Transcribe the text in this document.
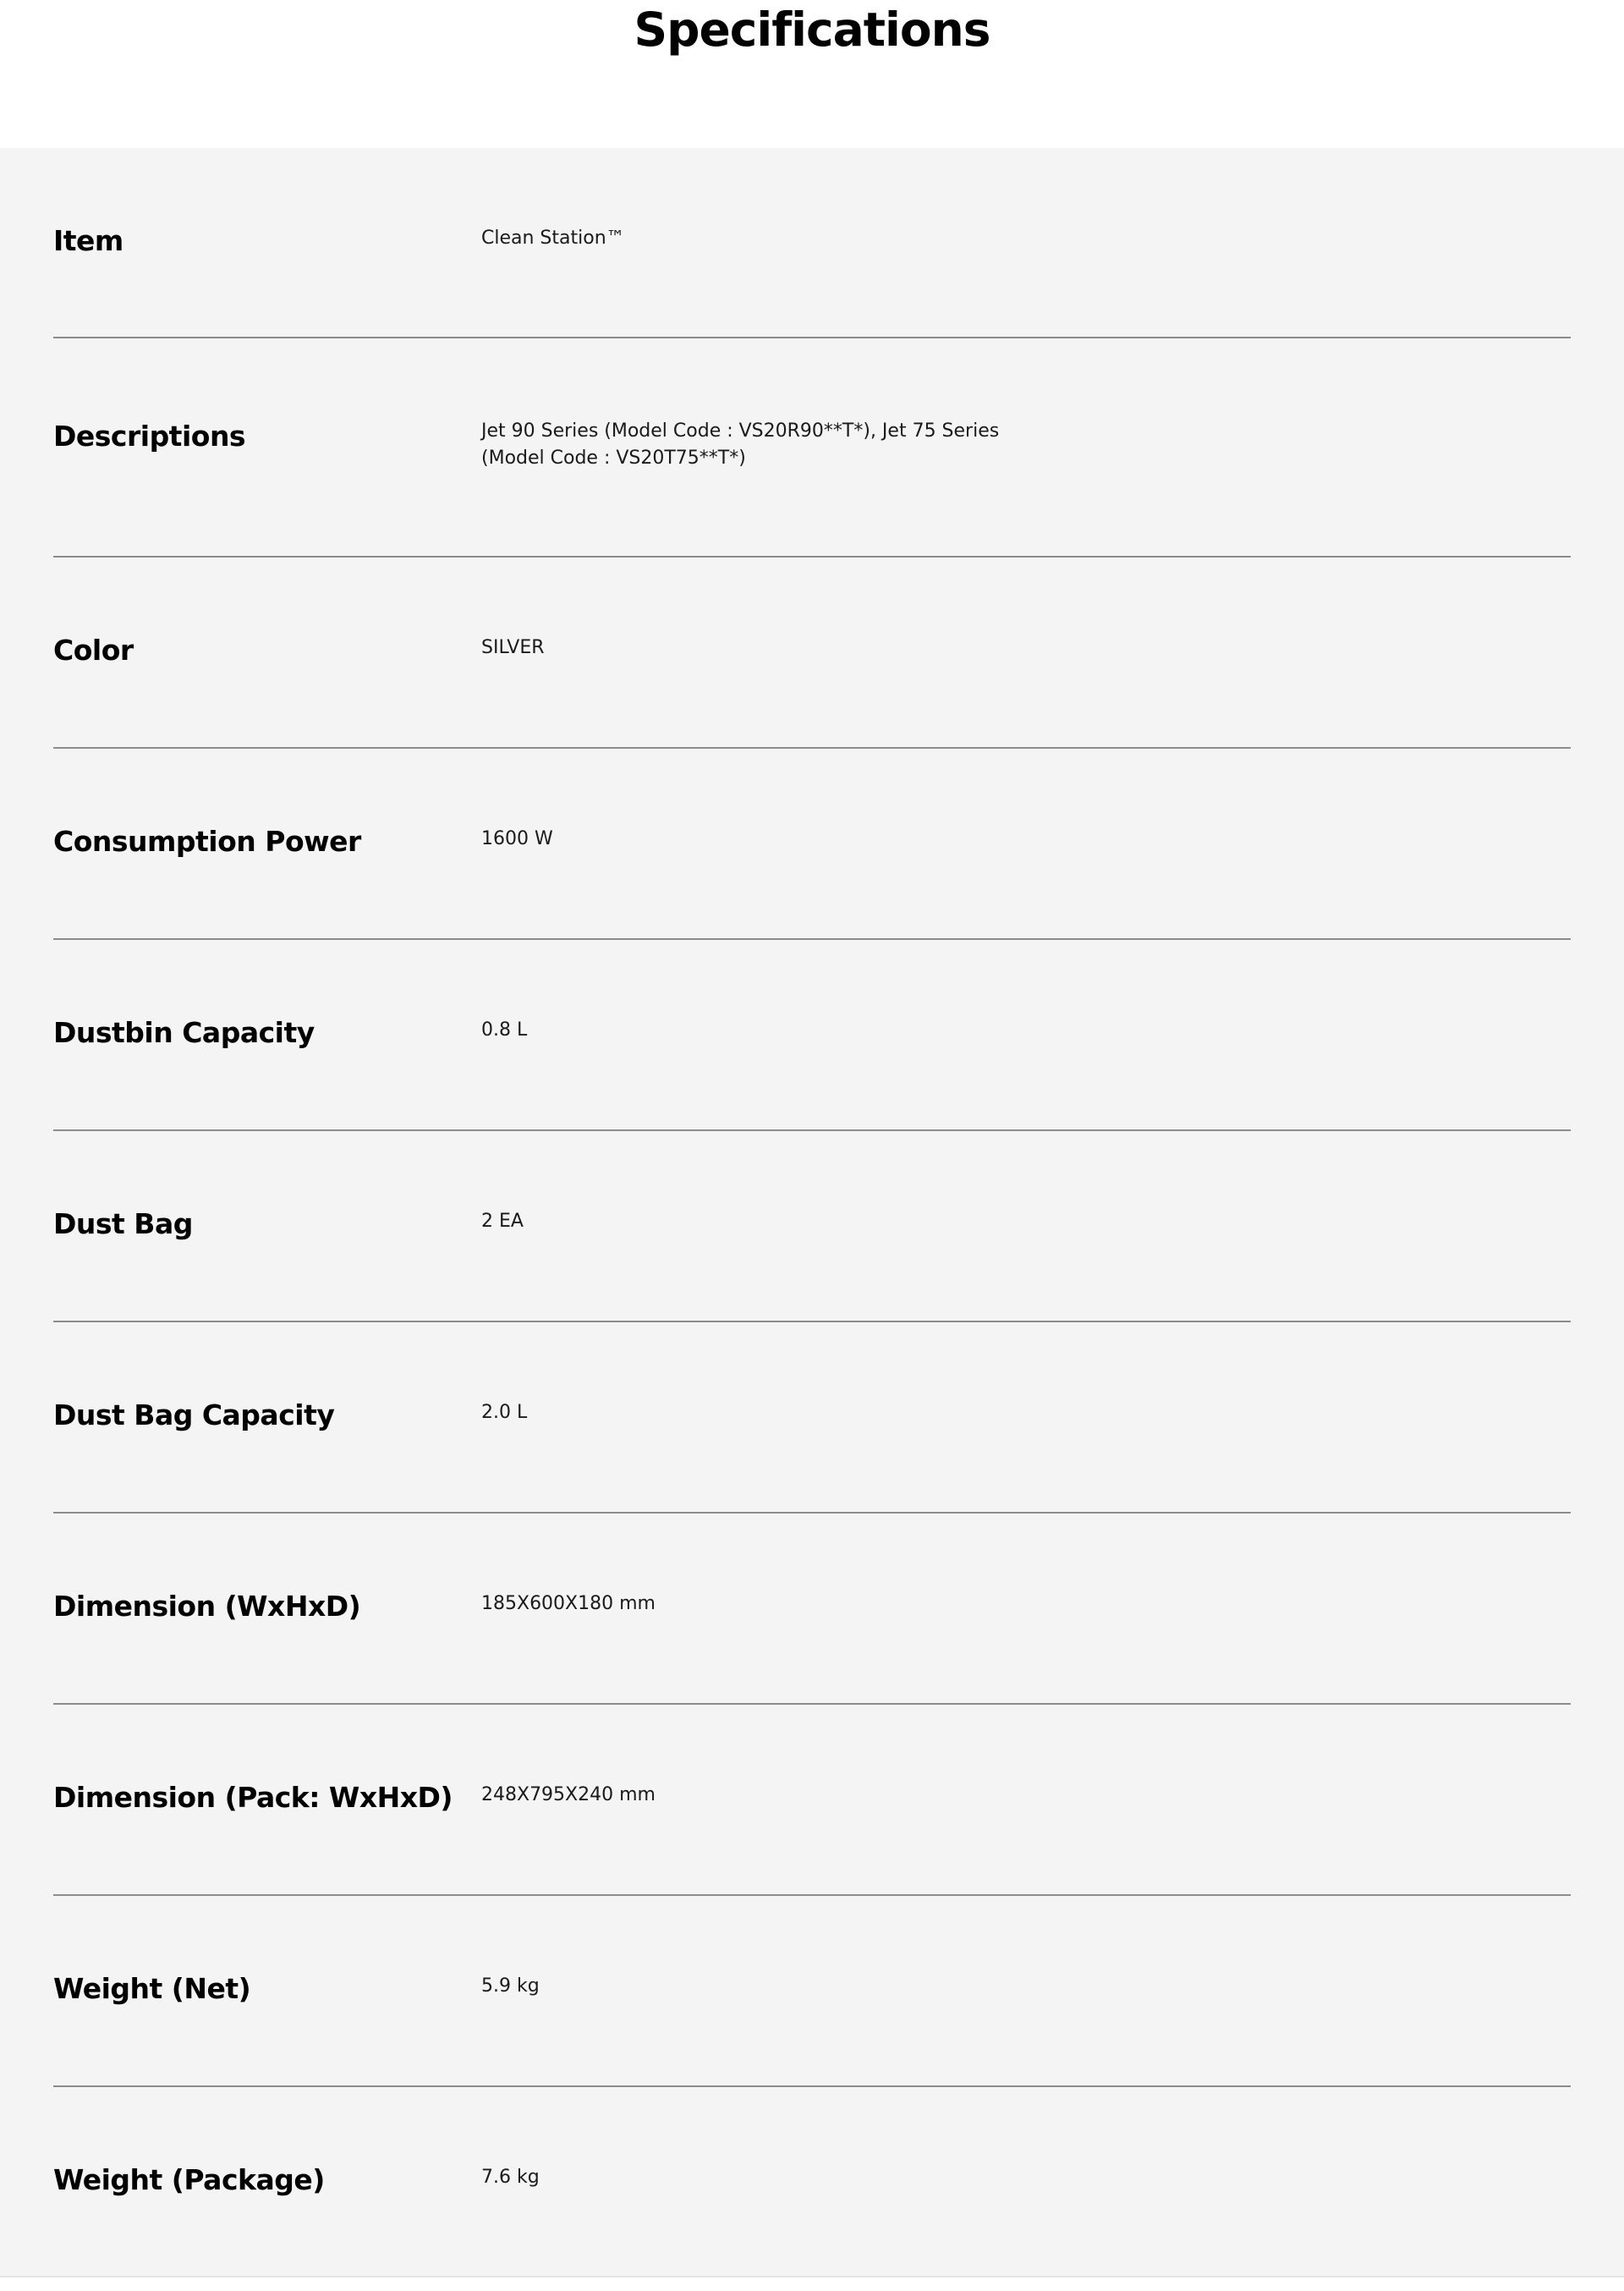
Specifications
Item	Clean Station™
Descriptions	Jet 90 Series (Model Code : VS20R90**T*), Jet 75 Series
(Model Code : VS20T75**T*)
Color	SILVER
Consumption Power	1600 W
Dustbin Capacity	0.8 L
Dust Bag	2 EA
Dust Bag Capacity	2.0 L
Dimension (WxHxD)	185X600X180 mm
Dimension (Pack: WxHxD) 248X795X240 mm
Weight (Net)	5.9 kg
Weight (Package)	7.6 kg
